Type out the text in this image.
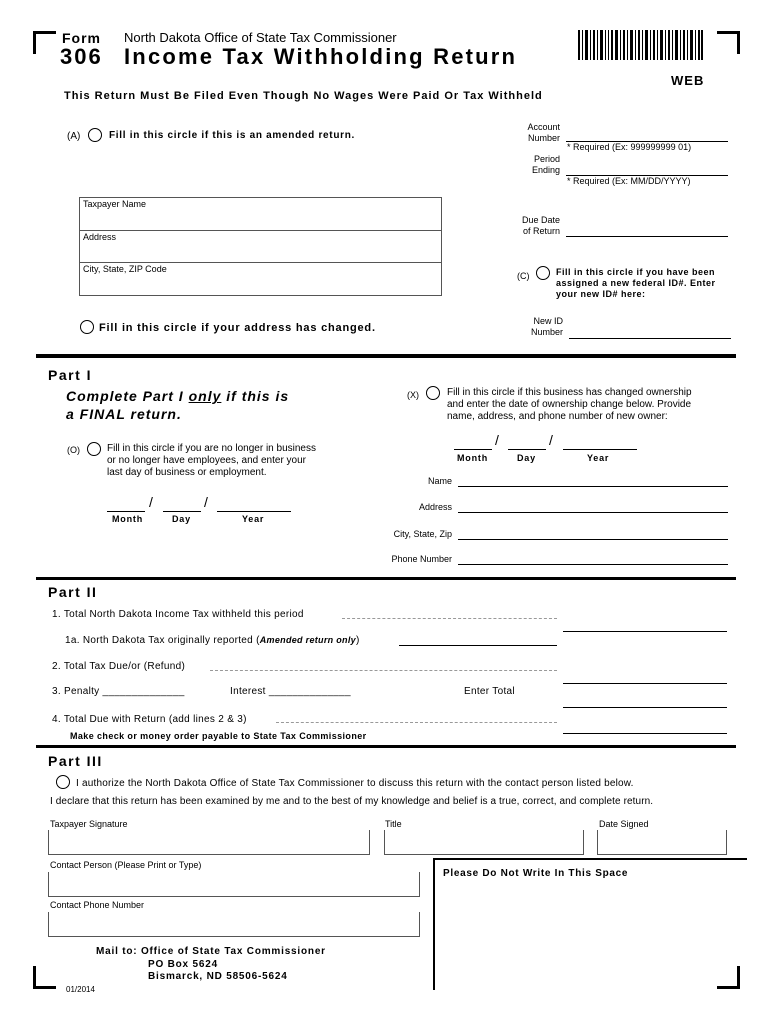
Form North Dakota Office of State Tax Commissioner
306 Income Tax Withholding Return
WEB
This Return Must Be Filed Even Though No Wages Were Paid Or Tax Withheld
(A)	Fill in this circle if this is an amended return.
Account
Number
* Required (Ex: 999999999 01)
Period
Ending
* Required (Ex: MM/DD/YYYY)
Taxpayer Name
Address
City, State, ZIP Code
Due Date
of Return
(C)	Fill in this circle if you have been
assigned a new federal ID#. Enter
your new ID# here:
New ID
Number
Fill in this circle if your address has changed.
Part I
Complete Part I only if this is
a FINAL return.
(O)	Fill in this circle if you are no longer in business
or no longer have employees, and enter your
last day of business or employment.
/	/
Month	Day	Year
(X)	Fill in this circle if this business has changed ownership
and enter the date of ownership change below. Provide
name, address, and phone number of new owner:
/	/
Month	Day	Year
Name
Address
City, State, Zip
Phone Number
Part II
1. Total North Dakota Income Tax withheld this period
1a. North Dakota Tax originally reported (Amended return only)
2. Total Tax Due/or (Refund)
3. Penalty ______________	Interest ______________	Enter Total
4. Total Due with Return (add lines 2 & 3)
Make check or money order payable to State Tax Commissioner
Part III
I authorize the North Dakota Office of State Tax Commissioner to discuss this return with the contact person listed below.
I declare that this return has been examined by me and to the best of my knowledge and belief is a true, correct, and complete return.
Taxpayer Signature	Title	Date Signed
Contact Person (Please Print or Type)
Contact Phone Number
Please Do Not Write In This Space
Mail to: Office of State Tax Commissioner
PO Box 5624
Bismarck, ND 58506-5624
01/2014
